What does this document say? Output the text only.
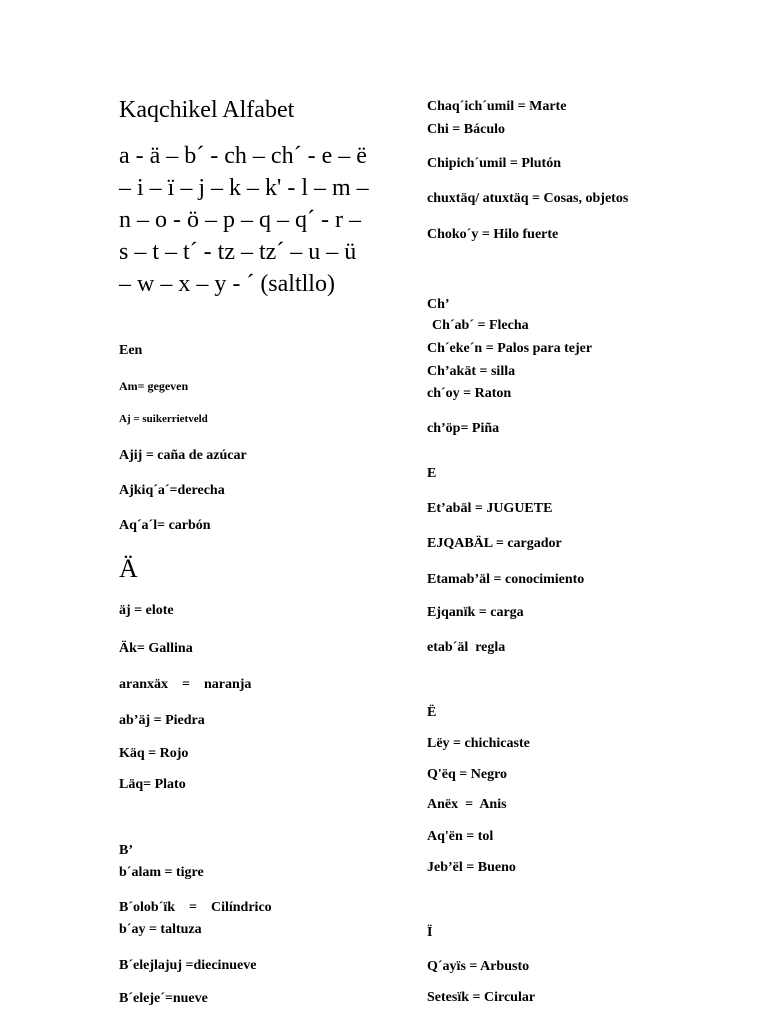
Kaqchikel Alfabet
a - ä – b´ - ch – ch´ - e – ë
– i – ï – j – k – k' - l – m –
n – o - ö – p – q – q´ - r –
s – t – t´ - tz – tz´ – u – ü
– w – x – y - ´ (saltllo)
Een
Am= gegeven
Aj = suikerrietveld
Ajij = caña de azúcar
Ajkiq´a´=derecha
Aq´a´l= carbón
Ä
äj = elote
Äk= Gallina
aranxäx    =    naranja
abʼäj = Piedra
Käq = Rojo
Läq= Plato
Bʼ
b´alam = tigre
B´olob´ïk    =    Cilíndrico
b´ay = taltuza
B´elejlajuj =diecinueve
B´eleje´=nueve
Chaq´ich´umil = Marte
Chi = Báculo
Chipich´umil = Plutón
chuxtäq/ atuxtäq = Cosas, objetos
Choko´y = Hilo fuerte
Chʼ
Ch´ab´ = Flecha
Ch´eke´n = Palos para tejer
Chʼakät = silla
ch´oy = Raton
chʼöp= Piña
E
Etʼabäl = JUGUETE
EJQABÄL = cargador
Etamabʼäl = conocimiento
Ejqanïk = carga
etab´äl  regla
Ë
Lëy = chichicaste
Q'ëq = Negro
Anëx  =  Anis
Aq'ën = tol
Jebʼël = Bueno
Ï
Q´ayïs = Arbusto
Setesïk = Circular
